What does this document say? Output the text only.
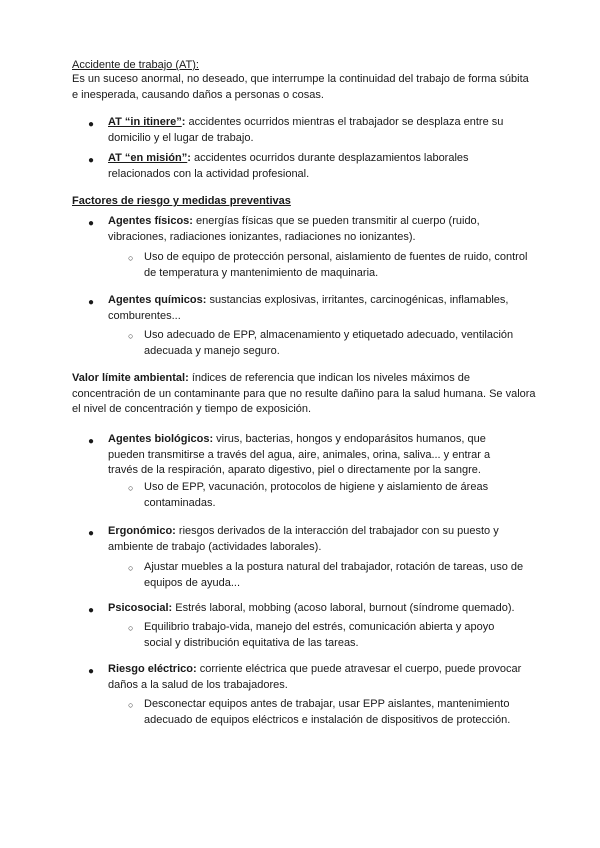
Accidente de trabajo (AT):

Es un suceso anormal, no deseado, que interrumpe la continuidad del trabajo de forma súbita e inesperada, causando daños a personas o cosas.

● AT “in itinere”: accidentes ocurridos mientras el trabajador se desplaza entre su domicilio y el lugar de trabajo.

● AT “en misión”: accidentes ocurridos durante desplazamientos laborales relacionados con la actividad profesional.

Factores de riesgo y medidas preventivas

● Agentes físicos: energías físicas que se pueden transmitir al cuerpo (ruido, vibraciones, radiaciones ionizantes, radiaciones no ionizantes).

○ Uso de equipo de protección personal, aislamiento de fuentes de ruido, control de temperatura y mantenimiento de maquinaria.

● Agentes químicos: sustancias explosivas, irritantes, carcinogénicas, inflamables, comburentes...

○ Uso adecuado de EPP, almacenamiento y etiquetado adecuado, ventilación adecuada y manejo seguro.

Valor límite ambiental: índices de referencia que indican los niveles máximos de concentración de un contaminante para que no resulte dañino para la salud humana. Se valora el nivel de concentración y tiempo de exposición.

● Agentes biológicos: virus, bacterias, hongos y endoparásitos humanos, que pueden transmitirse a través del agua, aire, animales, orina, saliva... y entrar a través de la respiración, aparato digestivo, piel o directamente por la sangre.

○ Uso de EPP, vacunación, protocolos de higiene y aislamiento de áreas contaminadas.

● Ergonómico: riesgos derivados de la interacción del trabajador con su puesto y ambiente de trabajo (actividades laborales).

○ Ajustar muebles a la postura natural del trabajador, rotación de tareas, uso de equipos de ayuda...

● Psicosocial: Estrés laboral, mobbing (acoso laboral, burnout (síndrome quemado).

○ Equilibrio trabajo-vida, manejo del estrés, comunicación abierta y apoyo social y distribución equitativa de las tareas.

● Riesgo eléctrico: corriente eléctrica que puede atravesar el cuerpo, puede provocar daños a la salud de los trabajadores.

○ Desconectar equipos antes de trabajar, usar EPP aislantes, mantenimiento adecuado de equipos eléctricos e instalación de dispositivos de protección.
